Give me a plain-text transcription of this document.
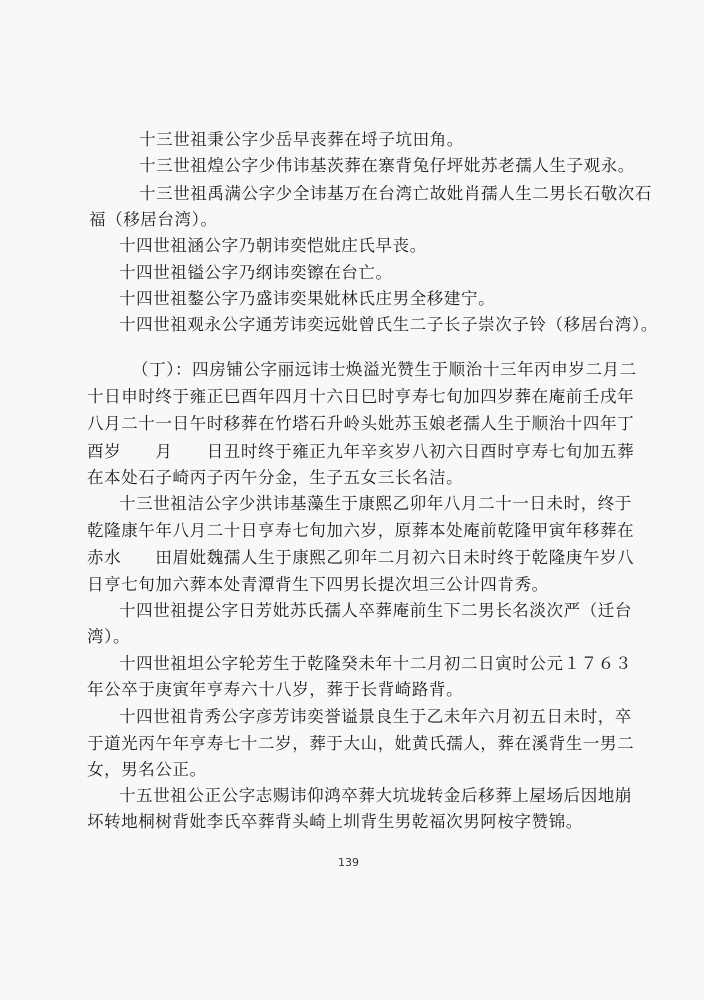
十三世祖秉公字少岳早丧葬在埒子坑田角。
十三世祖煌公字少伟讳基茨葬在寨背兔仔坪妣苏老孺人生子观永。
十三世祖禹满公字少全讳基万在台湾亡故妣肖孺人生二男长石敬次石
福（移居台湾）。
十四世祖涵公字乃朝讳奕恺妣庄氏早丧。
十四世祖镒公字乃纲讳奕镲在台亡。
十四世祖鏊公字乃盛讳奕果妣林氏庄男全移建宁。
十四世祖观永公字通芳讳奕远妣曾氏生二子长子崇次子铃（移居台湾）。
（丁）：四房铺公字丽远讳士焕溢光赞生于顺治十三年丙申岁二月二
十日申时终于雍正巳酉年四月十六日巳时亨寿七旬加四岁葬在庵前壬戌年
八月二十一日午时移葬在竹塔石升岭头妣苏玉娘老孺人生于顺治十四年丁
酉岁　　月　　日丑时终于雍正九年辛亥岁八初六日酉时亨寿七旬加五葬
在本处石子崎丙子丙午分金，生子五女三长名洁。
十三世祖洁公字少洪讳基藻生于康熙乙卯年八月二十一日未时，终于
乾隆康午年八月二十日亨寿七旬加六岁，原葬本处庵前乾隆甲寅年移葬在
赤水　　田眉妣魏孺人生于康熙乙卯年二月初六日未时终于乾隆庚午岁八
日亨七旬加六葬本处青潭背生下四男长提次坦三公计四肯秀。
十四世祖提公字日芳妣苏氏孺人卒葬庵前生下二男长名淡次严（迁台
湾）。
十四世祖坦公字轮芳生于乾隆癸未年十二月初二日寅时公元１７６３
年公卒于庚寅年亨寿六十八岁，葬于长背崎路背。
十四世祖肯秀公字彦芳讳奕誉谥景良生于乙未年六月初五日未时，卒
于道光丙午年亨寿七十二岁，葬于大山，妣黄氏孺人，葬在溪背生一男二
女，男名公正。
十五世祖公正公字志赐讳仰鸿卒葬大坑垅转金后移葬上屋场后因地崩
坏转地桐树背妣李氏卒葬背头崎上圳背生男乾福次男阿桉字赞锦。
139
